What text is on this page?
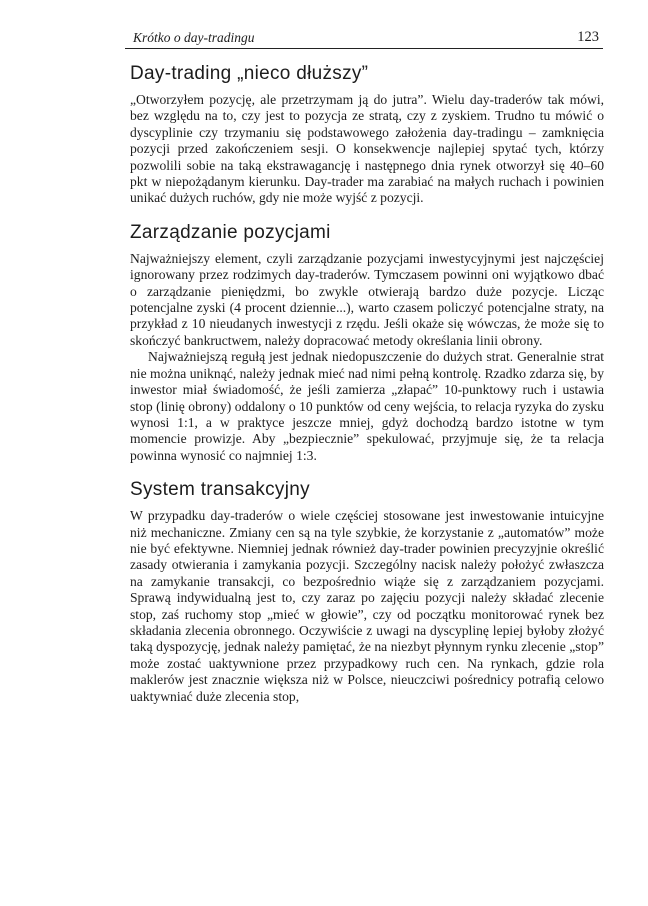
Krótko o day-tradingu	123
Day-trading „nieco dłuższy”

„Otworzyłem pozycję, ale przetrzymam ją do jutra”. Wielu day-traderów tak mówi, bez względu na to, czy jest to pozycja ze stratą, czy z zyskiem. Trudno tu mówić o dyscyplinie czy trzymaniu się podstawowego założenia day-tradingu – zamknięcia pozycji przed zakończeniem sesji. O konsekwencje najlepiej spytać tych, którzy pozwolili sobie na taką ekstrawagancję i następnego dnia rynek otworzył się 40–60 pkt w niepożądanym kierunku. Day-trader ma zarabiać na małych ruchach i powinien unikać dużych ruchów, gdy nie może wyjść z pozycji.

Zarządzanie pozycjami

Najważniejszy element, czyli zarządzanie pozycjami inwestycyjnymi jest najczęściej ignorowany przez rodzimych day-traderów. Tymczasem powinni oni wyjątkowo dbać o zarządzanie pieniędzmi, bo zwykle otwierają bardzo duże pozycje. Licząc potencjalne zyski (4 procent dziennie...), warto czasem policzyć potencjalne straty, na przykład z 10 nieudanych inwestycji z rzędu. Jeśli okaże się wówczas, że może się to skończyć bankructwem, należy dopracować metody określania linii obrony.

Najważniejszą regułą jest jednak niedopuszczenie do dużych strat. Generalnie strat nie można uniknąć, należy jednak mieć nad nimi pełną kontrolę. Rzadko zdarza się, by inwestor miał świadomość, że jeśli zamierza „złapać” 10-punktowy ruch i ustawia stop (linię obrony) oddalony o 10 punktów od ceny wejścia, to relacja ryzyka do zysku wynosi 1:1, a w praktyce jeszcze mniej, gdyż dochodzą bardzo istotne w tym momencie prowizje. Aby „bezpiecznie” spekulować, przyjmuje się, że ta relacja powinna wynosić co najmniej 1:3.

System transakcyjny

W przypadku day-traderów o wiele częściej stosowane jest inwestowanie intuicyjne niż mechaniczne. Zmiany cen są na tyle szybkie, że korzystanie z „automatów” może nie być efektywne. Niemniej jednak również day-trader powinien precyzyjnie określić zasady otwierania i zamykania pozycji. Szczególny nacisk należy położyć zwłaszcza na zamykanie transakcji, co bezpośrednio wiąże się z zarządzaniem pozycjami. Sprawą indywidualną jest to, czy zaraz po zajęciu pozycji należy składać zlecenie stop, zaś ruchomy stop „mieć w głowie”, czy od początku monitorować rynek bez składania zlecenia obronnego. Oczywiście z uwagi na dyscyplinę lepiej byłoby złożyć taką dyspozycję, jednak należy pamiętać, że na niezbyt płynnym rynku zlecenie „stop” może zostać uaktywnione przez przypadkowy ruch cen. Na rynkach, gdzie rola maklerów jest znacznie większa niż w Polsce, nieuczciwi pośrednicy potrafią celowo uaktywniać duże zlecenia stop,
